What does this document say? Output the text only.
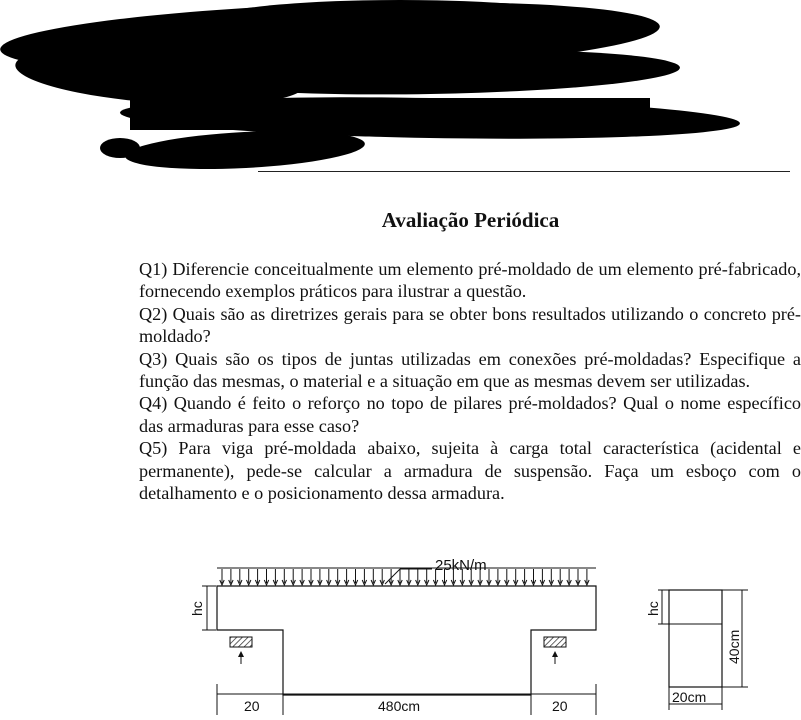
Avaliação Periódica

Q1) Diferencie conceitualmente um elemento pré-moldado de um elemento pré-fabricado, fornecendo exemplos práticos para ilustrar a questão.

Q2) Quais são as diretrizes gerais para se obter bons resultados utilizando o concreto pré-moldado?

Q3) Quais são os tipos de juntas utilizadas em conexões pré-moldadas? Especifique a função das mesmas, o material e a situação em que as mesmas devem ser utilizadas.

Q4) Quando é feito o reforço no topo de pilares pré-moldados? Qual o nome específico das armaduras para esse caso?

Q5) Para viga pré-moldada abaixo, sujeita à carga total característica (acidental e permanente), pede-se calcular a armadura de suspensão. Faça um esboço com o detalhamento e o posicionamento dessa armadura.

25kN/m
hc
20	480cm	20
hc
40cm
20cm
